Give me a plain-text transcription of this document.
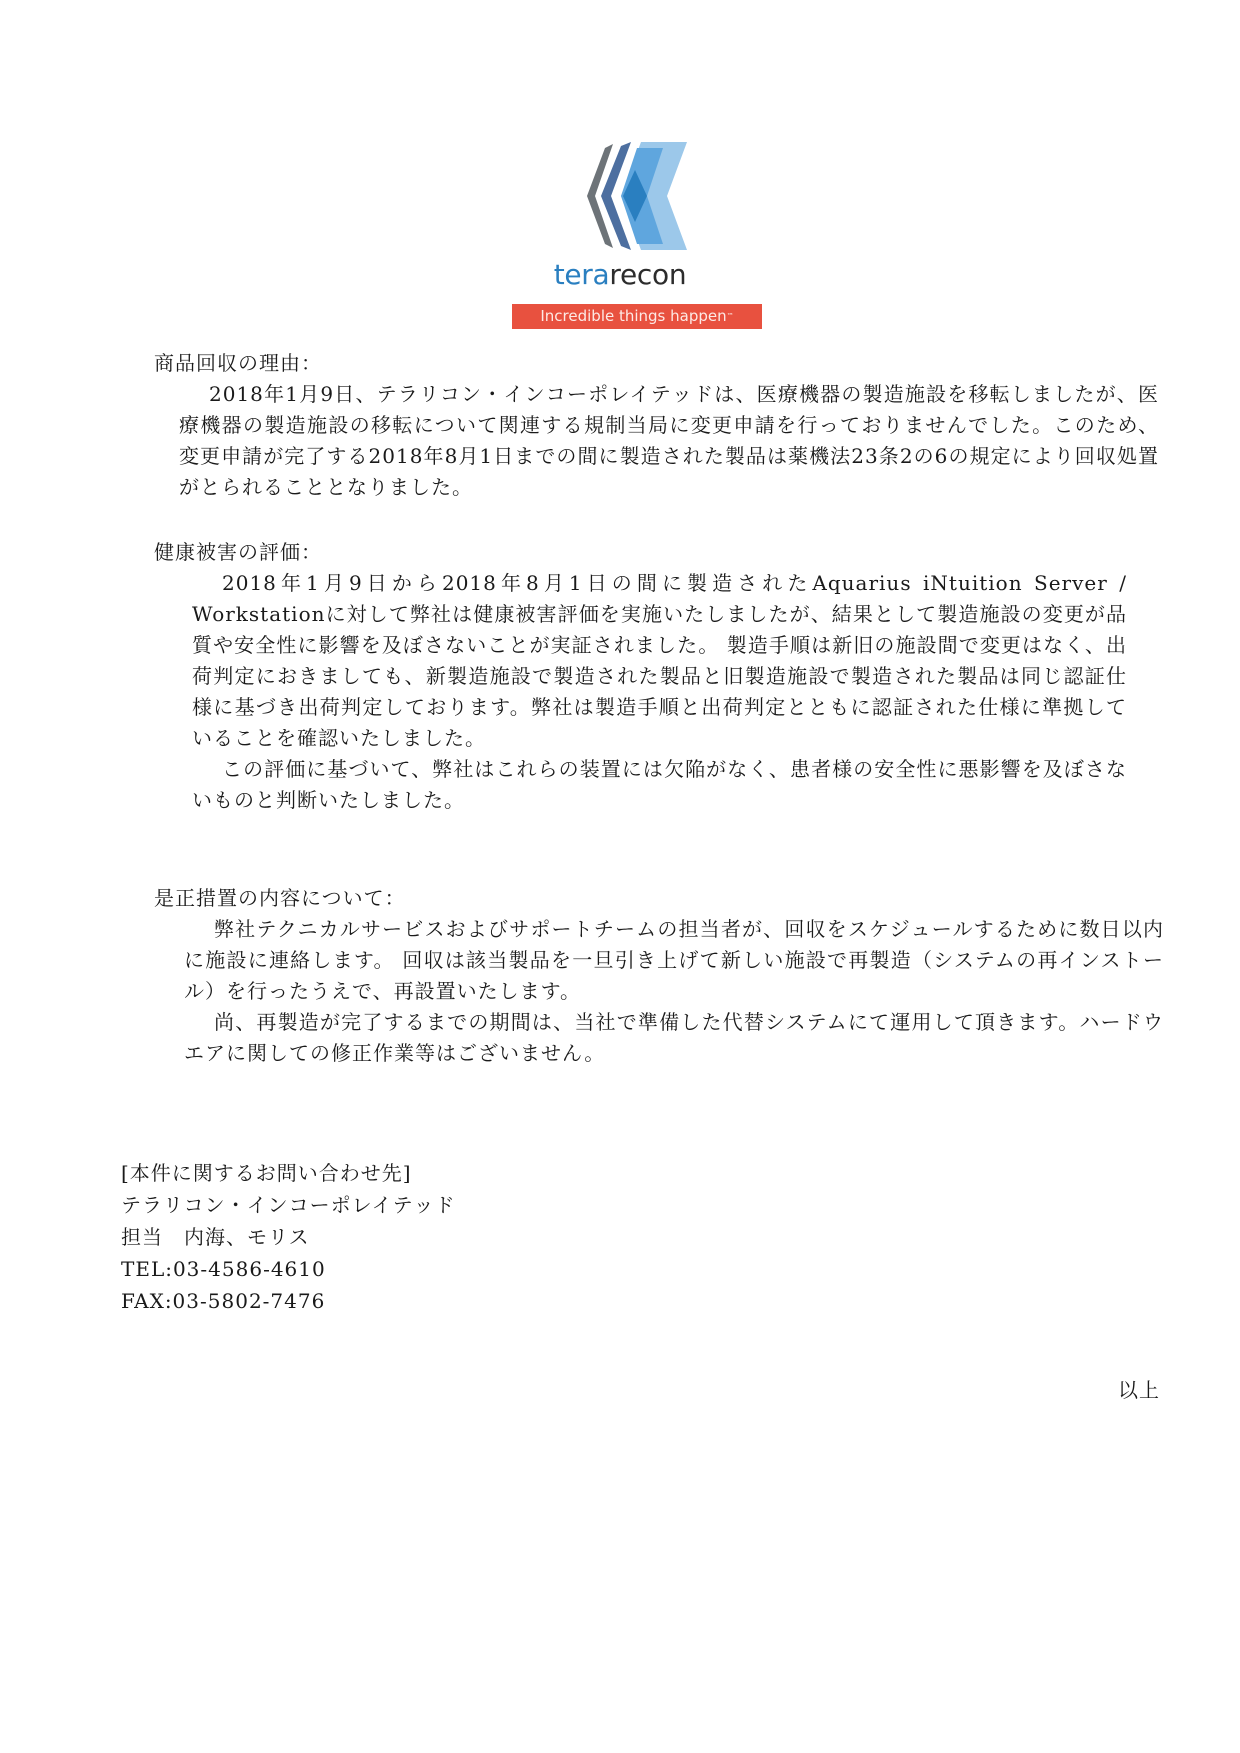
terarecon
Incredible things happen™
商品回収の理由：
2018年1月9日、テラリコン・インコーポレイテッドは、医療機器の製造施設を移転しましたが、医療機器の製造施設の移転について関連する規制当局に変更申請を行っておりませんでした。このため、変更申請が完了する2018年8月1日までの間に製造された製品は薬機法23条2の6の規定により回収処置がとられることとなりました。
健康被害の評価：
2018年1月9日から2018年8月1日の間に製造されたAquarius iNtuition Server / Workstationに対して弊社は健康被害評価を実施いたしましたが、結果として製造施設の変更が品質や安全性に影響を及ぼさないことが実証されました。 製造手順は新旧の施設間で変更はなく、出荷判定におきましても、新製造施設で製造された製品と旧製造施設で製造された製品は同じ認証仕様に基づき出荷判定しております。弊社は製造手順と出荷判定とともに認証された仕様に準拠していることを確認いたしました。
この評価に基づいて、弊社はこれらの装置には欠陥がなく、患者様の安全性に悪影響を及ぼさないものと判断いたしました。
是正措置の内容について：
弊社テクニカルサービスおよびサポートチームの担当者が、回収をスケジュールするために数日以内に施設に連絡します。 回収は該当製品を一旦引き上げて新しい施設で再製造（システムの再インストール）を行ったうえで、再設置いたします。
尚、再製造が完了するまでの期間は、当社で準備した代替システムにて運用して頂きます。ハードウエアに関しての修正作業等はございません。
[本件に関するお問い合わせ先]
テラリコン・インコーポレイテッド
担当　内海、モリス
TEL:03-4586-4610
FAX:03-5802-7476
以上
